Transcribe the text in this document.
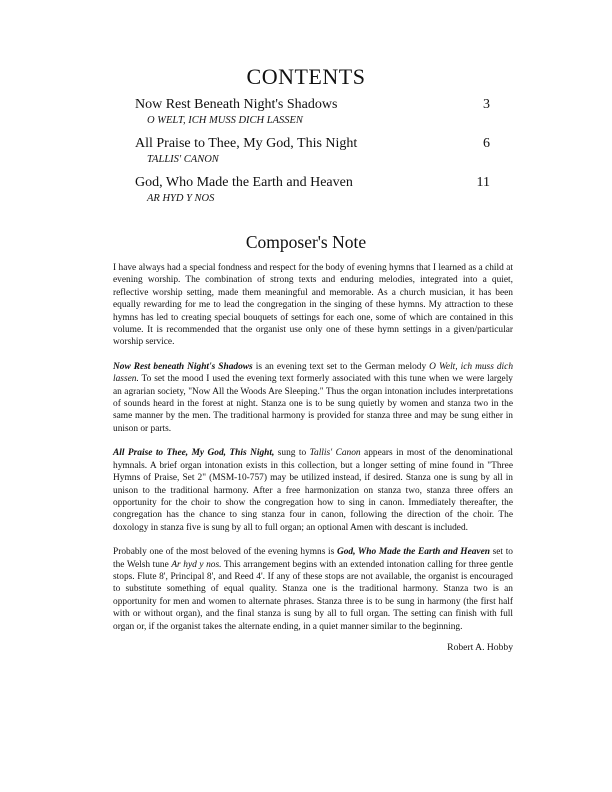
CONTENTS
Now Rest Beneath Night's Shadows	3
O WELT, ICH MUSS DICH LASSEN
All Praise to Thee, My God, This Night	6
TALLIS' CANON
God, Who Made the Earth and Heaven	11
AR HYD Y NOS
Composer's Note

I have always had a special fondness and respect for the body of evening hymns that I learned as a child at evening worship. The combination of strong texts and enduring melodies, integrated into a quiet, reflective worship setting, made them meaningful and memorable. As a church musician, it has been equally rewarding for me to lead the congregation in the singing of these hymns. My attraction to these hymns has led to creating special bouquets of settings for each one, some of which are contained in this volume. It is recommended that the organist use only one of these hymn settings in a given/particular worship service.

Now Rest beneath Night's Shadows is an evening text set to the German melody O Welt, ich muss dich lassen. To set the mood I used the evening text formerly associated with this tune when we were largely an agrarian society, "Now All the Woods Are Sleeping." Thus the organ intonation includes interpretations of sounds heard in the forest at night. Stanza one is to be sung quietly by women and stanza two in the same manner by the men. The traditional harmony is provided for stanza three and may be sung either in unison or parts.

All Praise to Thee, My God, This Night, sung to Tallis' Canon appears in most of the denominational hymnals. A brief organ intonation exists in this collection, but a longer setting of mine found in "Three Hymns of Praise, Set 2" (MSM-10-757) may be utilized instead, if desired. Stanza one is sung by all in unison to the traditional harmony. After a free harmonization on stanza two, stanza three offers an opportunity for the choir to show the congregation how to sing in canon. Immediately thereafter, the congregation has the chance to sing stanza four in canon, following the direction of the choir. The doxology in stanza five is sung by all to full organ; an optional Amen with descant is included.

Probably one of the most beloved of the evening hymns is God, Who Made the Earth and Heaven set to the Welsh tune Ar hyd y nos. This arrangement begins with an extended intonation calling for three gentle stops. Flute 8', Principal 8', and Reed 4'. If any of these stops are not available, the organist is encouraged to substitute something of equal quality. Stanza one is the traditional harmony. Stanza two is an opportunity for men and women to alternate phrases. Stanza three is to be sung in harmony (the first half with or without organ), and the final stanza is sung by all to full organ. The setting can finish with full organ or, if the organist takes the alternate ending, in a quiet manner similar to the beginning.

Robert A. Hobby
